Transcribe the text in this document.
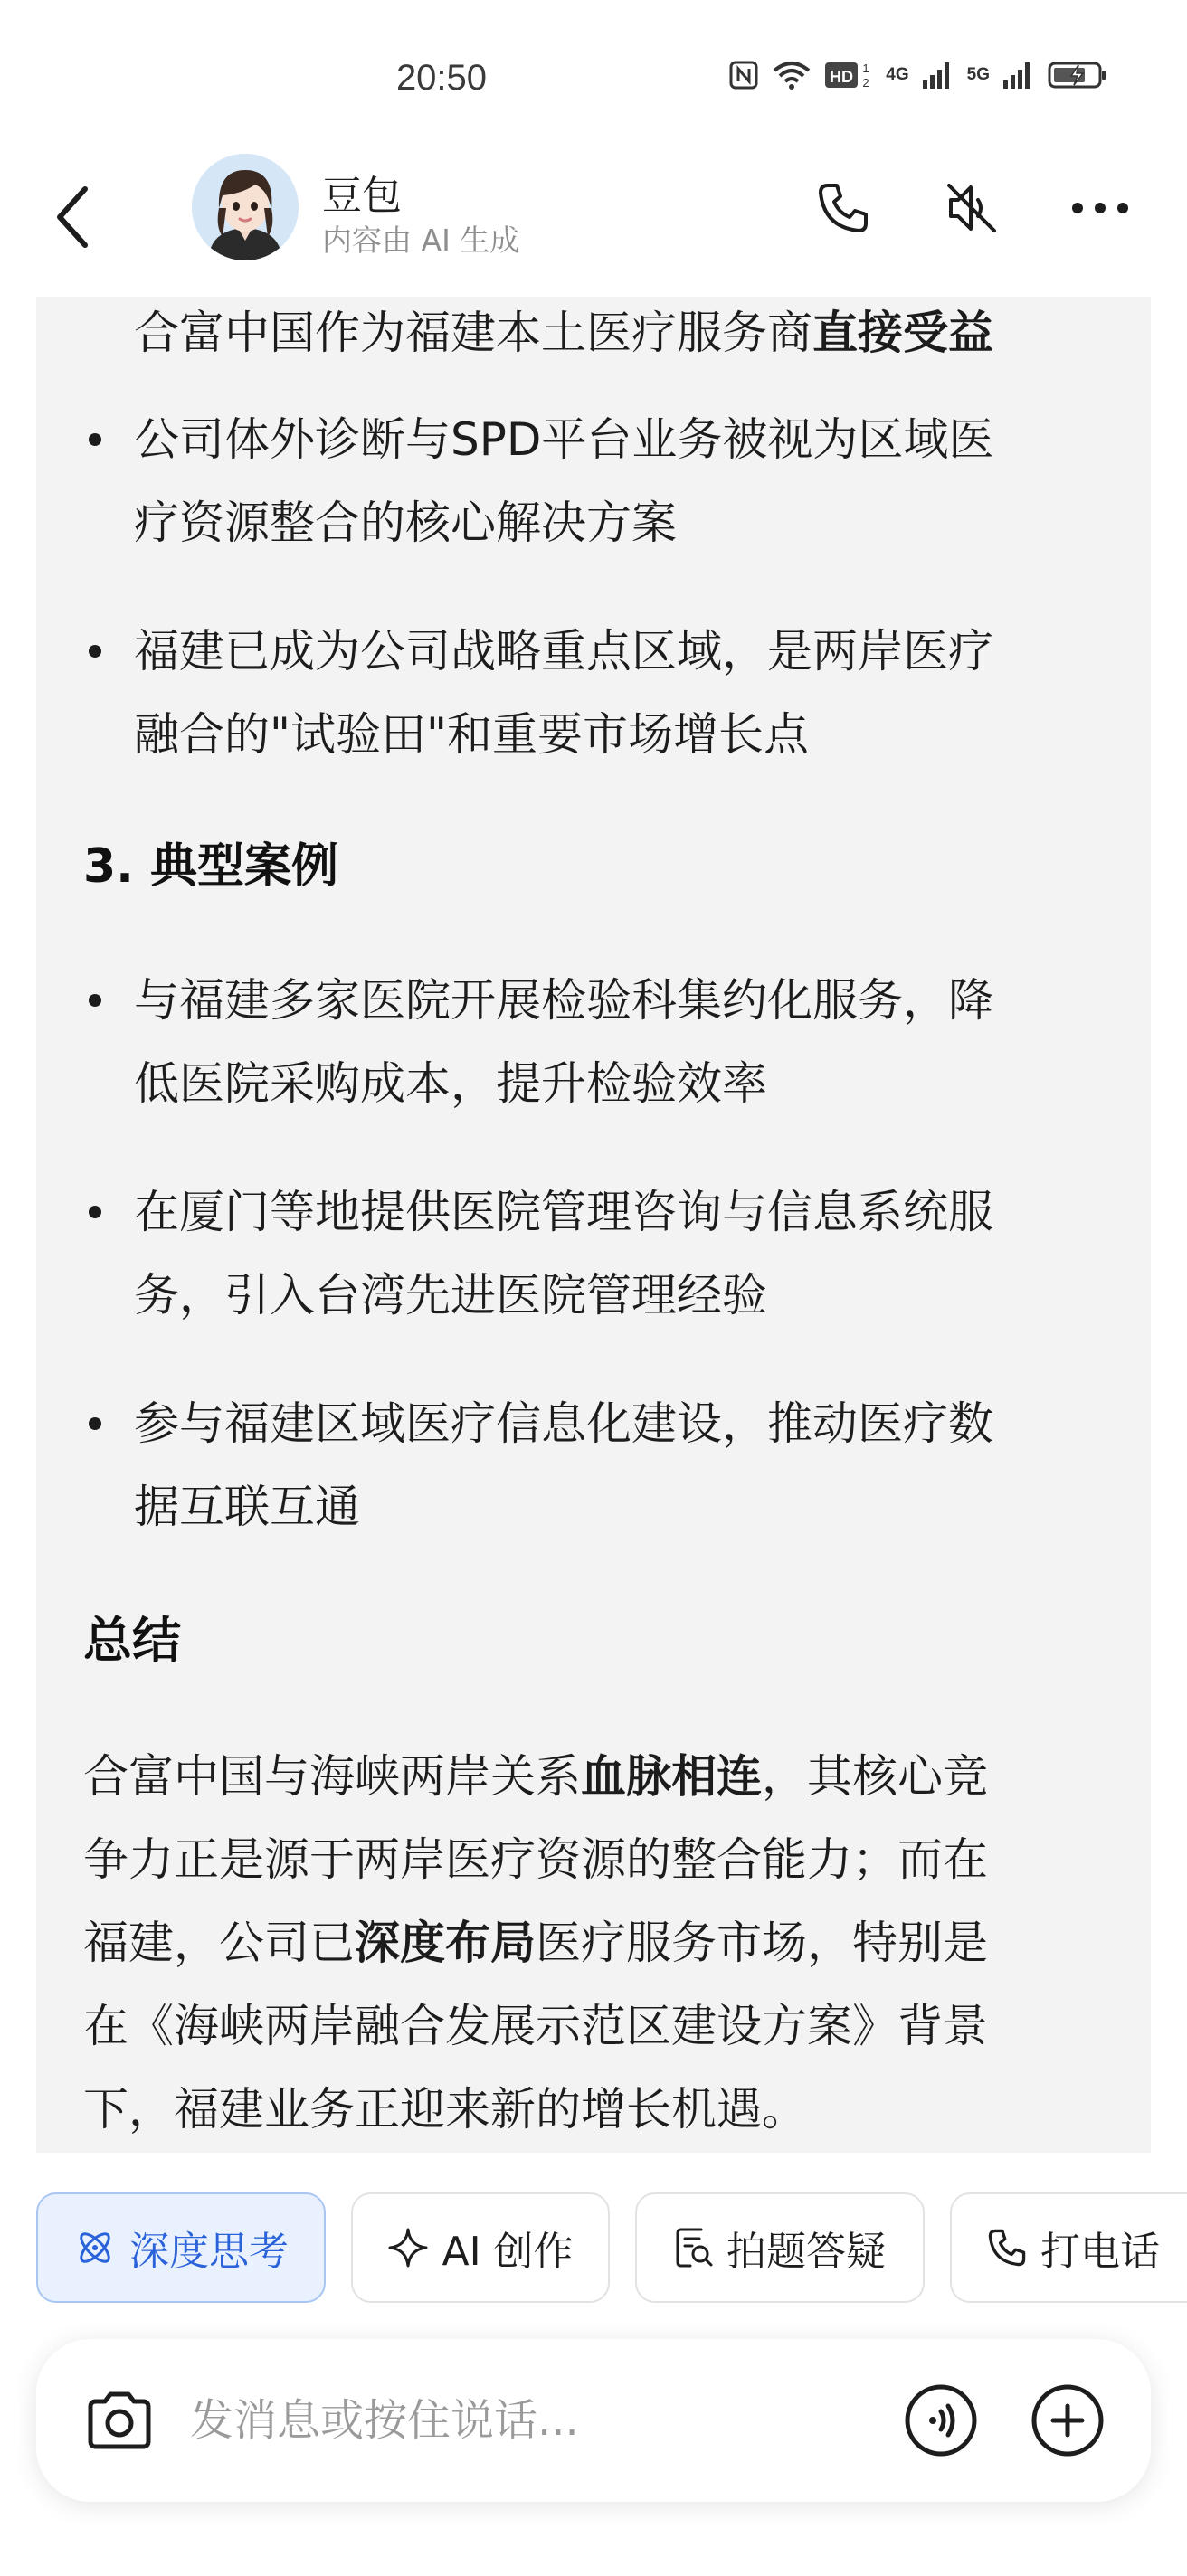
20:50	HD 1
2 4G	5G
豆包
内容由 AI 生成
合富中国作为福建本土医疗服务商直接受益
公司体外诊断与SPD平台业务被视为区域医
疗资源整合的核心解决方案
福建已成为公司战略重点区域，是两岸医疗
融合的"试验田"和重要市场增长点
3. 典型案例
与福建多家医院开展检验科集约化服务，降
低医院采购成本，提升检验效率
在厦门等地提供医院管理咨询与信息系统服
务，引入台湾先进医院管理经验
参与福建区域医疗信息化建设，推动医疗数
据互联互通
总结
合富中国与海峡两岸关系血脉相连，其核心竞
争力正是源于两岸医疗资源的整合能力；而在
福建，公司已深度布局医疗服务市场，特别是
在《海峡两岸融合发展示范区建设方案》背景
下，福建业务正迎来新的增长机遇。
深度思考	AI 创作	拍题答疑	打电话
发消息或按住说话...
